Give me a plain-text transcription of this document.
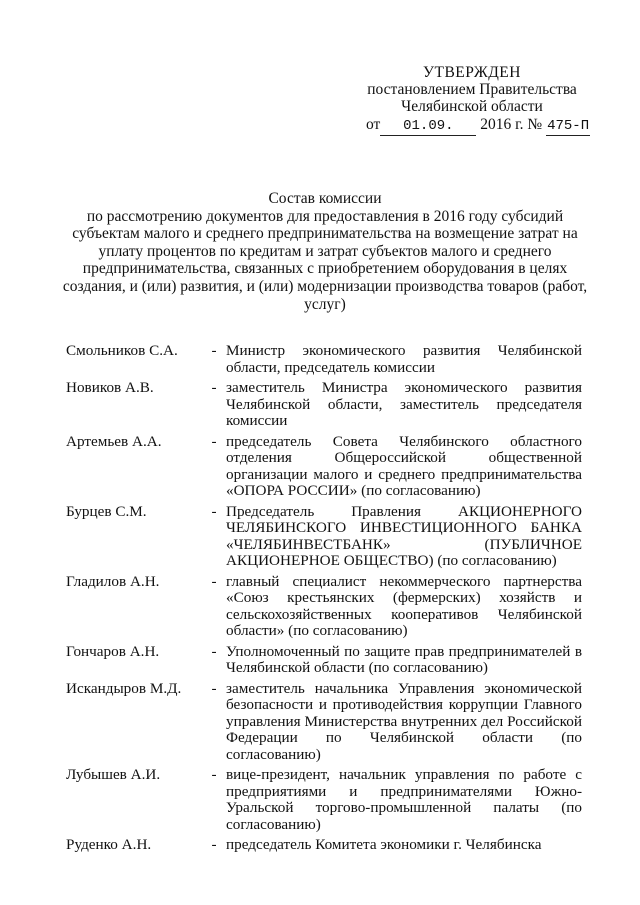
УТВЕРЖДЕН
постановлением Правительства
Челябинской области
от 01.09. 2016 г. № 475-П
Состав комиссии
по рассмотрению документов для предоставления в 2016 году субсидий субъектам малого и среднего предпринимательства на возмещение затрат на уплату процентов по кредитам и затрат субъектов малого и среднего предпринимательства, связанных с приобретением оборудования в целях создания, и (или) развития, и (или) модернизации производства товаров (работ, услуг)
Смольников С.А.	- Министр экономического развития Челябинской области, председатель комиссии
Новиков А.В.	- заместитель Министра экономического развития Челябинской области, заместитель председателя комиссии
Артемьев А.А.	- председатель Совета Челябинского областного отделения Общероссийской общественной организации малого и среднего предпринимательства «ОПОРА РОССИИ» (по согласованию)
Бурцев С.М.	- Председатель Правления АКЦИОНЕРНОГО ЧЕЛЯБИНСКОГО ИНВЕСТИЦИОННОГО БАНКА «ЧЕЛЯБИНВЕСТБАНК» (ПУБЛИЧНОЕ АКЦИОНЕРНОЕ ОБЩЕСТВО) (по согласованию)
Гладилов А.Н.	- главный специалист некоммерческого партнерства «Союз крестьянских (фермерских) хозяйств и сельскохозяйственных кооперативов Челябинской области» (по согласованию)
Гончаров А.Н.	- Уполномоченный по защите прав предпринимателей в Челябинской области (по согласованию)
Искандыров М.Д.	- заместитель начальника Управления экономической безопасности и противодействия коррупции Главного управления Министерства внутренних дел Российской Федерации по Челябинской области (по согласованию)
Лубышев А.И.	- вице-президент, начальник управления по работе с предприятиями и предпринимателями Южно-Уральской торгово-промышленной палаты (по согласованию)
Руденко А.Н.	- председатель Комитета экономики г. Челябинска
